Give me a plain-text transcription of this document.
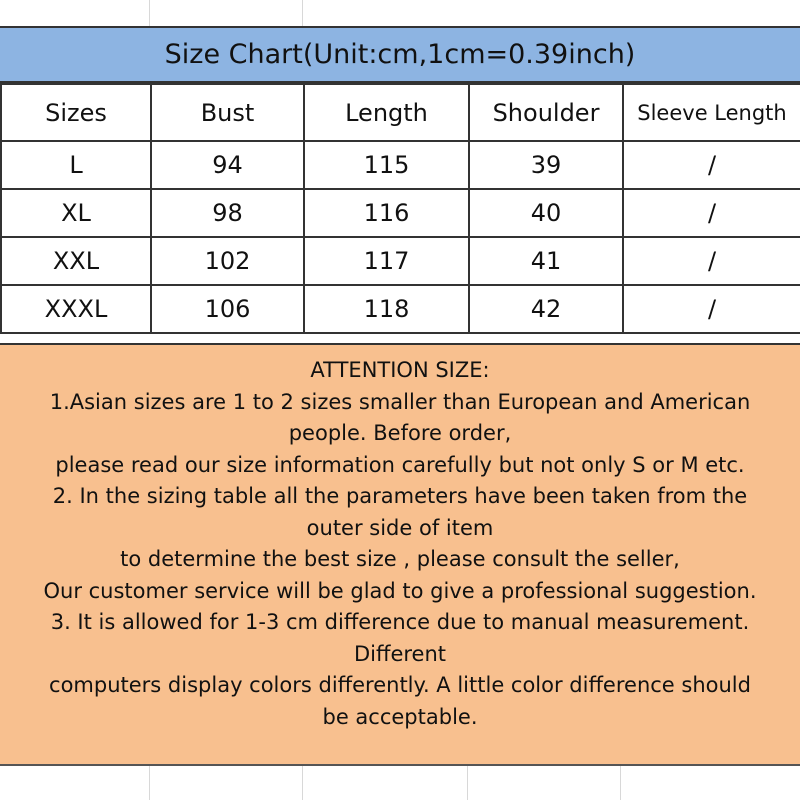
Size Chart(Unit:cm,1cm=0.39inch)
Sizes	Bust	Length	Shoulder	Sleeve Length
L	94	115	39	/
XL	98	116	40	/
XXL	102	117	41	/
XXXL	106	118	42	/
ATTENTION SIZE:
1.Asian sizes are 1 to 2 sizes smaller than European and American
people. Before order,
please read our size information carefully but not only S or M etc.
2. In the sizing table all the parameters have been taken from the
outer side of item
to determine the best size , please consult the seller,
Our customer service will be glad to give a professional suggestion.
3. It is allowed for 1-3 cm difference due to manual measurement.
Different
computers display colors differently. A little color difference should
be acceptable.
